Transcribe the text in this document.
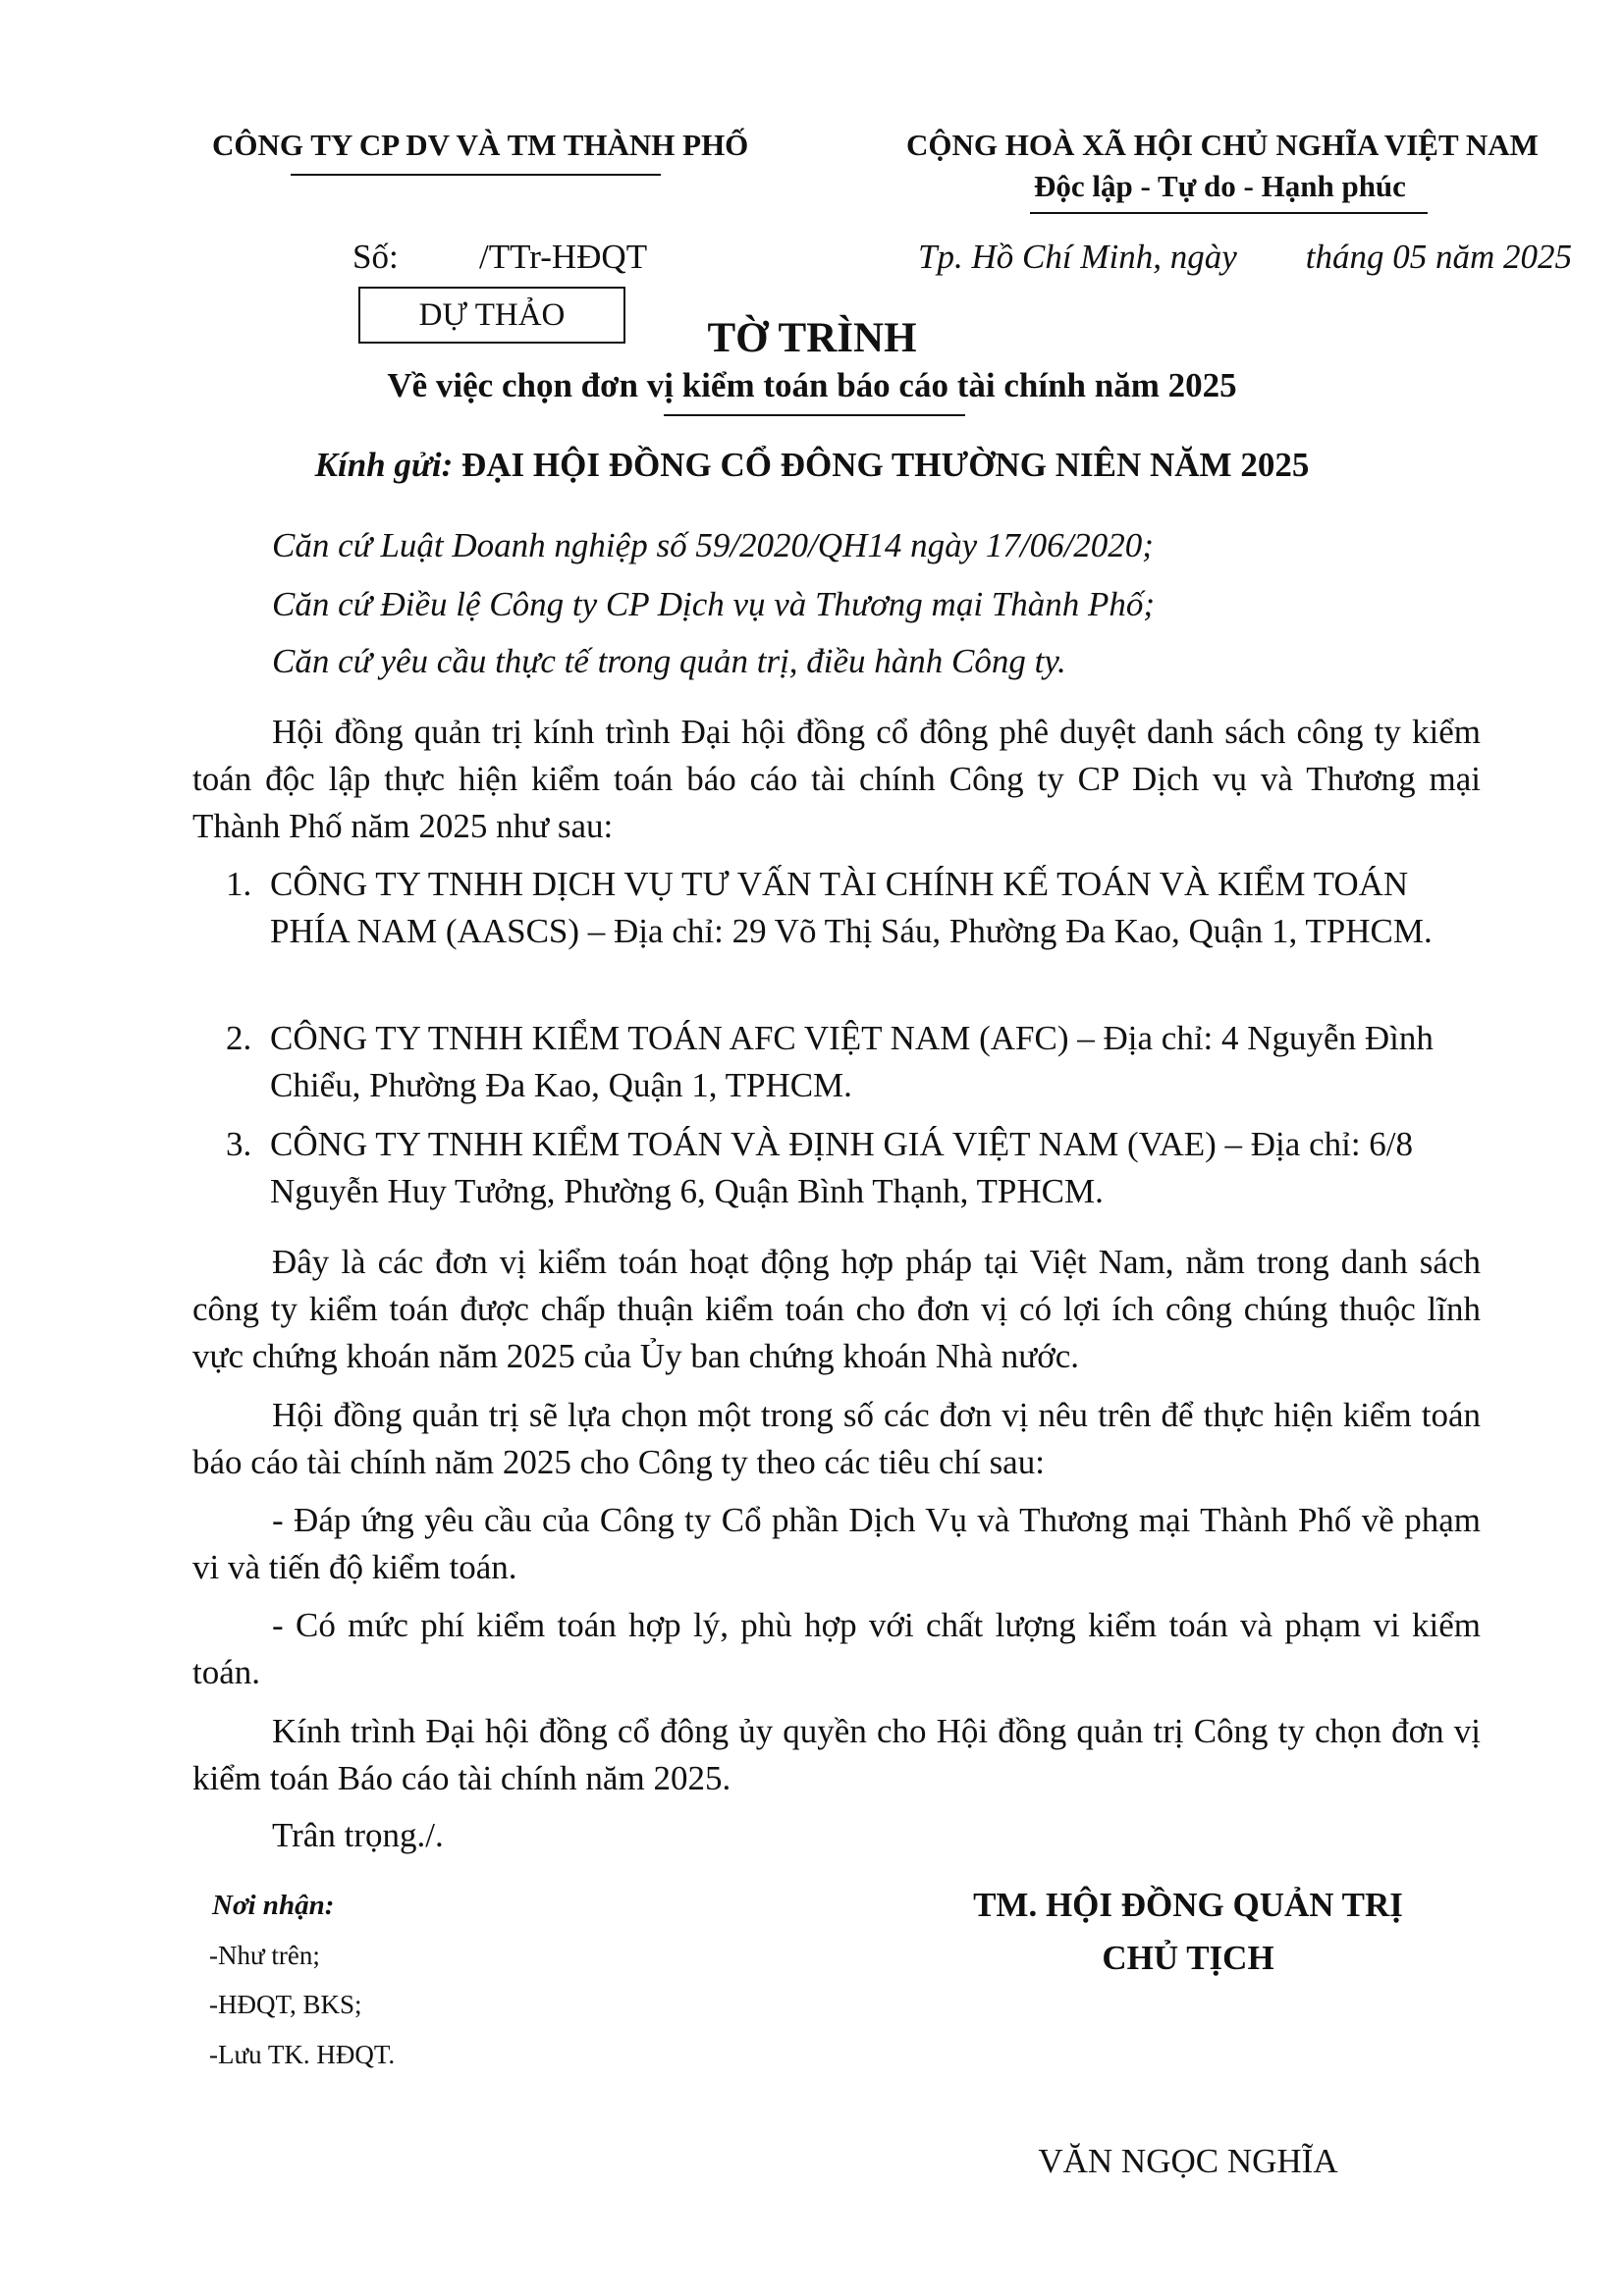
CÔNG TY CP DV VÀ TM THÀNH PHỐ	CỘNG HOÀ XÃ HỘI CHỦ NGHĨA VIỆT NAM
Độc lập - Tự do - Hạnh phúc
Số: /TTr-HĐQT	Tp. Hồ Chí Minh, ngày        tháng 05 năm 2025
DỰ THẢO	TỜ TRÌNH
Về việc chọn đơn vị kiểm toán báo cáo tài chính năm 2025
Kính gửi: ĐẠI HỘI ĐỒNG CỔ ĐÔNG THƯỜNG NIÊN NĂM 2025
Căn cứ Luật Doanh nghiệp số 59/2020/QH14 ngày 17/06/2020;
Căn cứ Điều lệ Công ty CP Dịch vụ và Thương mại Thành Phố;
Căn cứ yêu cầu thực tế trong quản trị, điều hành Công ty.
Hội đồng quản trị kính trình Đại hội đồng cổ đông phê duyệt danh sách công ty kiểm toán độc lập thực hiện kiểm toán báo cáo tài chính Công ty CP Dịch vụ và Thương mại Thành Phố năm 2025 như sau:
1. CÔNG TY TNHH DỊCH VỤ TƯ VẤN TÀI CHÍNH KẾ TOÁN VÀ KIỂM TOÁN PHÍA NAM (AASCS) – Địa chỉ: 29 Võ Thị Sáu, Phường Đa Kao, Quận 1, TPHCM.
2. CÔNG TY TNHH KIỂM TOÁN AFC VIỆT NAM (AFC) – Địa chỉ: 4 Nguyễn Đình Chiểu, Phường Đa Kao, Quận 1, TPHCM.
3. CÔNG TY TNHH KIỂM TOÁN VÀ ĐỊNH GIÁ VIỆT NAM (VAE) – Địa chỉ: 6/8 Nguyễn Huy Tưởng, Phường 6, Quận Bình Thạnh, TPHCM.
Đây là các đơn vị kiểm toán hoạt động hợp pháp tại Việt Nam, nằm trong danh sách công ty kiểm toán được chấp thuận kiểm toán cho đơn vị có lợi ích công chúng thuộc lĩnh vực chứng khoán năm 2025 của Ủy ban chứng khoán Nhà nước.
Hội đồng quản trị sẽ lựa chọn một trong số các đơn vị nêu trên để thực hiện kiểm toán báo cáo tài chính năm 2025 cho Công ty theo các tiêu chí sau:
- Đáp ứng yêu cầu của Công ty Cổ phần Dịch Vụ và Thương mại Thành Phố về phạm vi và tiến độ kiểm toán.
- Có mức phí kiểm toán hợp lý, phù hợp với chất lượng kiểm toán và phạm vi kiểm toán.
Kính trình Đại hội đồng cổ đông ủy quyền cho Hội đồng quản trị Công ty chọn đơn vị kiểm toán Báo cáo tài chính năm 2025.
Trân trọng./.
Nơi nhận:
-Như trên;
-HĐQT, BKS;
-Lưu TK. HĐQT.
TM. HỘI ĐỒNG QUẢN TRỊ
CHỦ TỊCH
VĂN NGỌC NGHĨA
